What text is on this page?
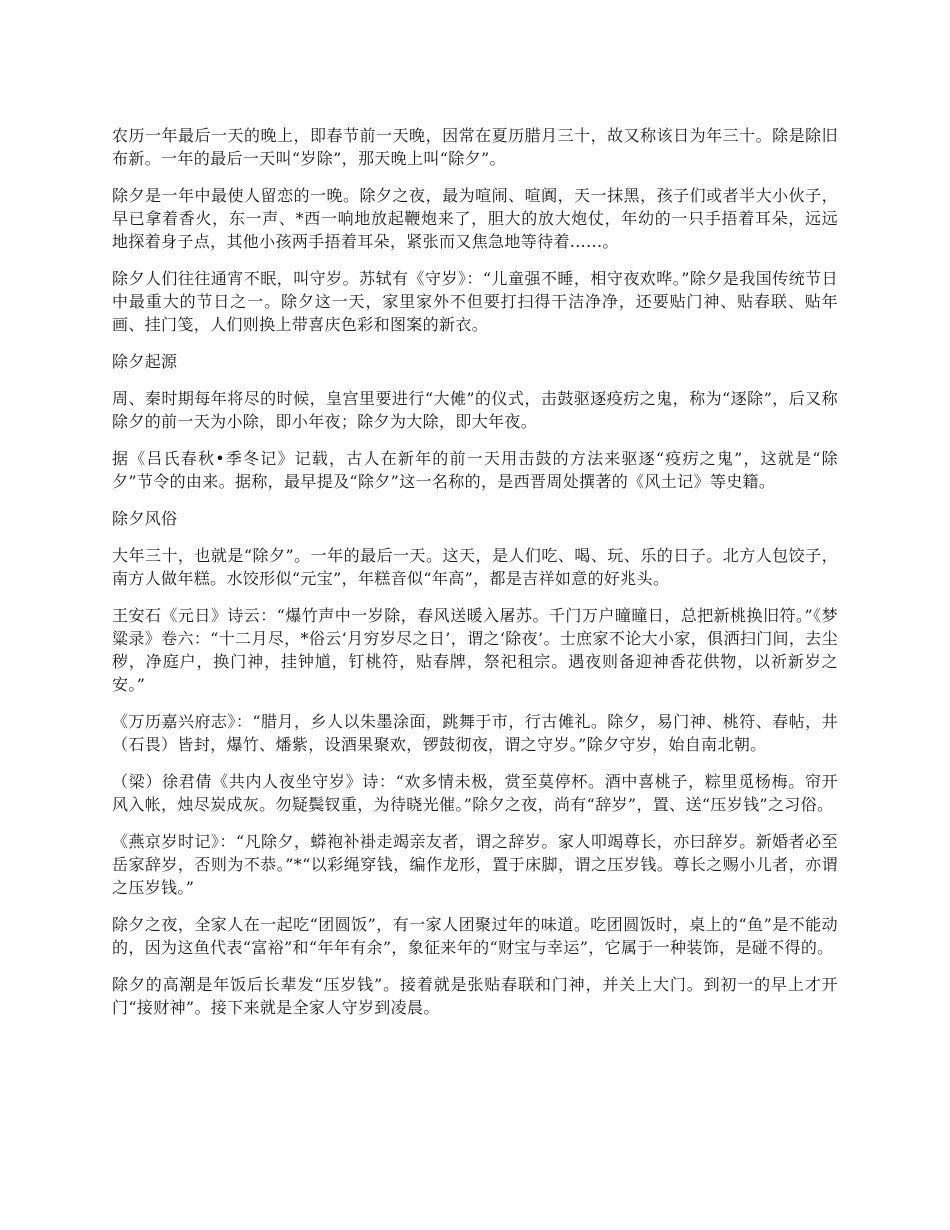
农历一年最后一天的晚上，即春节前一天晚，因常在夏历腊月三十，故又称该日为年三十。除是除旧布新。一年的最后一天叫“岁除”，那天晚上叫“除夕”。

除夕是一年中最使人留恋的一晚。除夕之夜，最为喧闹、喧阗，天一抹黑，孩子们或者半大小伙子，早已拿着香火，东一声、*西一响地放起鞭炮来了，胆大的放大炮仗，年幼的一只手捂着耳朵，远远地探着身子点，其他小孩两手捂着耳朵，紧张而又焦急地等待着......。

除夕人们往往通宵不眠，叫守岁。苏轼有《守岁》：“儿童强不睡，相守夜欢哗。”除夕是我国传统节日中最重大的节日之一。除夕这一天，家里家外不但要打扫得干洁净净，还要贴门神、贴春联、贴年画、挂门笺，人们则换上带喜庆色彩和图案的新衣。

除夕起源

周、秦时期每年将尽的时候，皇宫里要进行“大傩”的仪式，击鼓驱逐疫疠之鬼，称为“逐除”，后又称除夕的前一天为小除，即小年夜；除夕为大除，即大年夜。

据《吕氏春秋•季冬记》记载，古人在新年的前一天用击鼓的方法来驱逐“疫疠之鬼”，这就是“除夕”节令的由来。据称，最早提及“除夕”这一名称的，是西晋周处撰著的《风土记》等史籍。

除夕风俗

大年三十，也就是“除夕”。一年的最后一天。这天，是人们吃、喝、玩、乐的日子。北方人包饺子，南方人做年糕。水饺形似“元宝”，年糕音似“年高”，都是吉祥如意的好兆头。

王安石《元日》诗云：“爆竹声中一岁除，春风送暖入屠苏。千门万户曈曈日，总把新桃换旧符。”《梦粱录》卷六：“十二月尽，*俗云‘月穷岁尽之日’，谓之‘除夜’。士庶家不论大小家，俱洒扫门间，去尘秽，净庭户，换门神，挂钟馗，钉桃符，贴春牌，祭祀租宗。遇夜则备迎神香花供物，以祈新岁之安。”

《万历嘉兴府志》：“腊月，乡人以朱墨涂面，跳舞于市，行古傩礼。除夕，易门神、桃符、春帖，井（石畏）皆封，爆竹、燔紫，设酒果聚欢，锣鼓彻夜，谓之守岁。”除夕守岁，始自南北朝。

（梁）徐君倩《共内人夜坐守岁》诗：“欢多情未极，赏至莫停杯。酒中喜桃子，粽里觅杨梅。帘开风入帐，烛尽炭成灰。勿疑鬓钗重，为待晓光催。”除夕之夜，尚有“辞岁”，置、送“压岁钱”之习俗。

《燕京岁时记》：“凡除夕，蟒袍补褂走竭亲友者，谓之辞岁。家人叩竭尊长，亦曰辞岁。新婚者必至岳家辞岁，否则为不恭。”*“以彩绳穿钱，编作龙形，置于床脚，谓之压岁钱。尊长之赐小儿者，亦谓之压岁钱。”

除夕之夜，全家人在一起吃“团圆饭”，有一家人团聚过年的味道。吃团圆饭时，桌上的“鱼”是不能动的，因为这鱼代表“富裕”和“年年有余”，象征来年的“财宝与幸运”，它属于一种装饰，是碰不得的。

除夕的高潮是年饭后长辈发“压岁钱”。接着就是张贴春联和门神，并关上大门。到初一的早上才开门“接财神”。接下来就是全家人守岁到凌晨。
